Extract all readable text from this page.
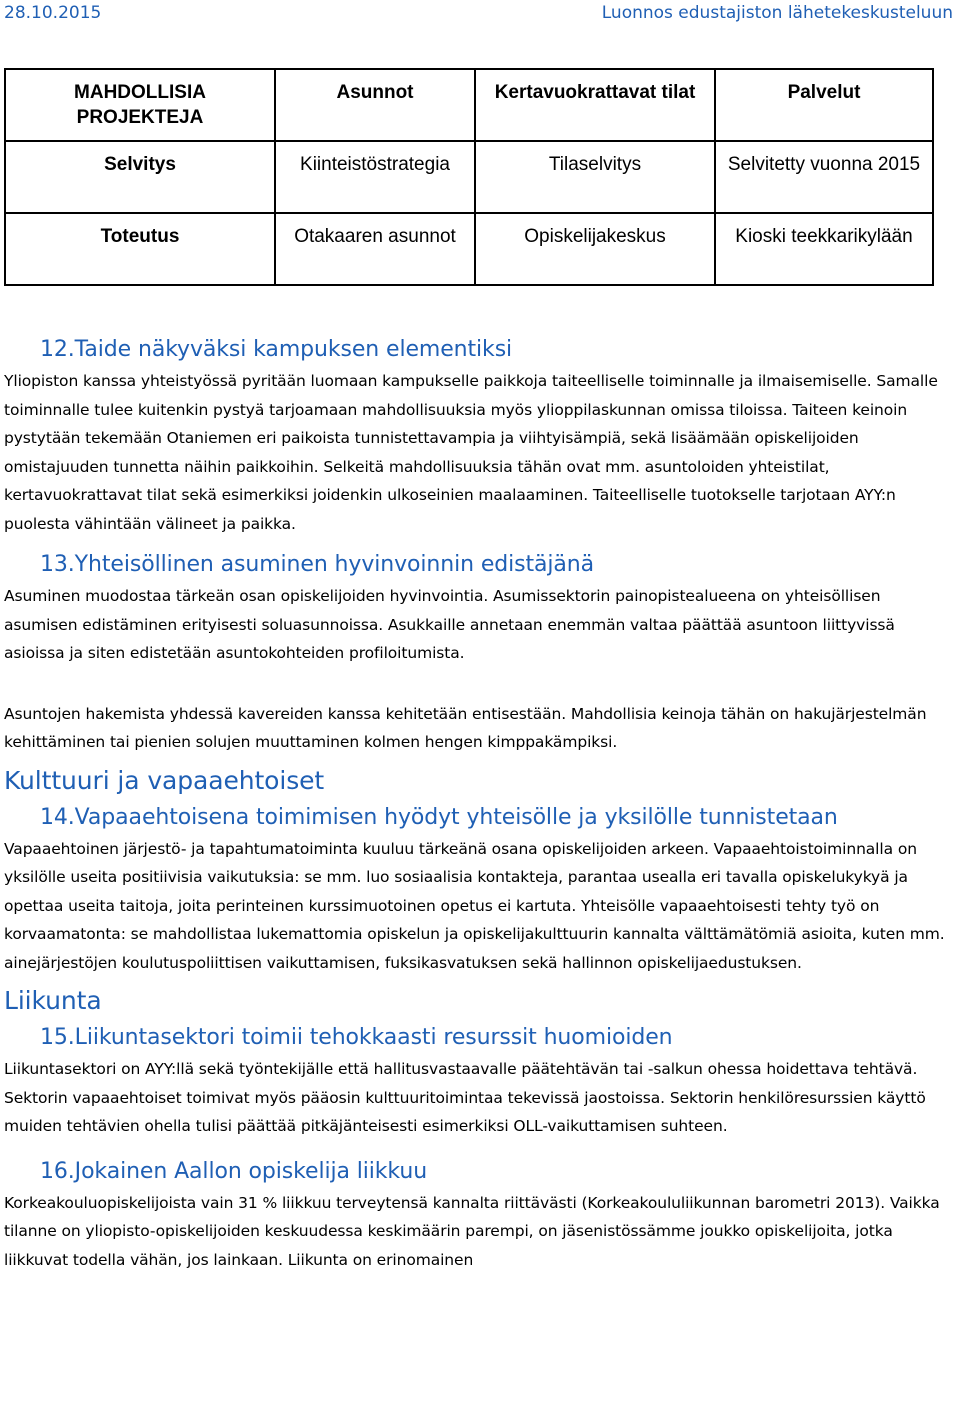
28.10.2015	Luonnos edustajiston lähetekeskusteluun
MAHDOLLISIA PROJEKTEJA	Asunnot	Kertavuokrattavat tilat	Palvelut
Selvitys	Kiinteistöstrategia	Tilaselvitys	Selvitetty vuonna 2015
Toteutus	Otakaaren asunnot	Opiskelijakeskus	Kioski teekkarikylään
12.Taide näkyväksi kampuksen elementiksi

Yliopiston kanssa yhteistyössä pyritään luomaan kampukselle paikkoja taiteelliselle toiminnalle ja ilmaisemiselle. Samalle toiminnalle tulee kuitenkin pystyä tarjoamaan mahdollisuuksia myös ylioppilaskunnan omissa tiloissa. Taiteen keinoin pystytään tekemään Otaniemen eri paikoista tunnistettavampia ja viihtyisämpiä, sekä lisäämään opiskelijoiden omistajuuden tunnetta näihin paikkoihin. Selkeitä mahdollisuuksia tähän ovat mm. asuntoloiden yhteistilat, kertavuokrattavat tilat sekä esimerkiksi joidenkin ulkoseinien maalaaminen. Taiteelliselle tuotokselle tarjotaan AYY:n puolesta vähintään välineet ja paikka.

13.Yhteisöllinen asuminen hyvinvoinnin edistäjänä

Asuminen muodostaa tärkeän osan opiskelijoiden hyvinvointia. Asumissektorin painopistealueena on yhteisöllisen asumisen edistäminen erityisesti soluasunnoissa. Asukkaille annetaan enemmän valtaa päättää asuntoon liittyvissä asioissa ja siten edistetään asuntokohteiden profiloitumista.

Asuntojen hakemista yhdessä kavereiden kanssa kehitetään entisestään. Mahdollisia keinoja tähän on hakujärjestelmän kehittäminen tai pienien solujen muuttaminen kolmen hengen kimppakämpiksi.

Kulttuuri ja vapaaehtoiset
14.Vapaaehtoisena toimimisen hyödyt yhteisölle ja yksilölle tunnistetaan

Vapaaehtoinen järjestö- ja tapahtumatoiminta kuuluu tärkeänä osana opiskelijoiden arkeen. Vapaaehtoistoiminnalla on yksilölle useita positiivisia vaikutuksia: se mm. luo sosiaalisia kontakteja, parantaa usealla eri tavalla opiskelukykyä ja opettaa useita taitoja, joita perinteinen kurssimuotoinen opetus ei kartuta. Yhteisölle vapaaehtoisesti tehty työ on korvaamatonta: se mahdollistaa lukemattomia opiskelun ja opiskelijakulttuurin kannalta välttämätömiä asioita, kuten mm. ainejärjestöjen koulutuspoliittisen vaikuttamisen, fuksikasvatuksen sekä hallinnon opiskelijaedustuksen.

Liikunta
15.Liikuntasektori toimii tehokkaasti resurssit huomioiden

Liikuntasektori on AYY:llä sekä työntekijälle että hallitusvastaavalle päätehtävän tai -salkun ohessa hoidettava tehtävä. Sektorin vapaaehtoiset toimivat myös pääosin kulttuuritoimintaa tekevissä jaostoissa. Sektorin henkilöresurssien käyttö muiden tehtävien ohella tulisi päättää pitkäjänteisesti esimerkiksi OLL-vaikuttamisen suhteen.

16.Jokainen Aallon opiskelija liikkuu

Korkeakouluopiskelijoista vain 31 % liikkuu terveytensä kannalta riittävästi (Korkeakoululiikunnan barometri 2013). Vaikka tilanne on yliopisto-opiskelijoiden keskuudessa keskimäärin parempi, on jäsenistössämme joukko opiskelijoita, jotka liikkuvat todella vähän, jos lainkaan. Liikunta on erinomainen
